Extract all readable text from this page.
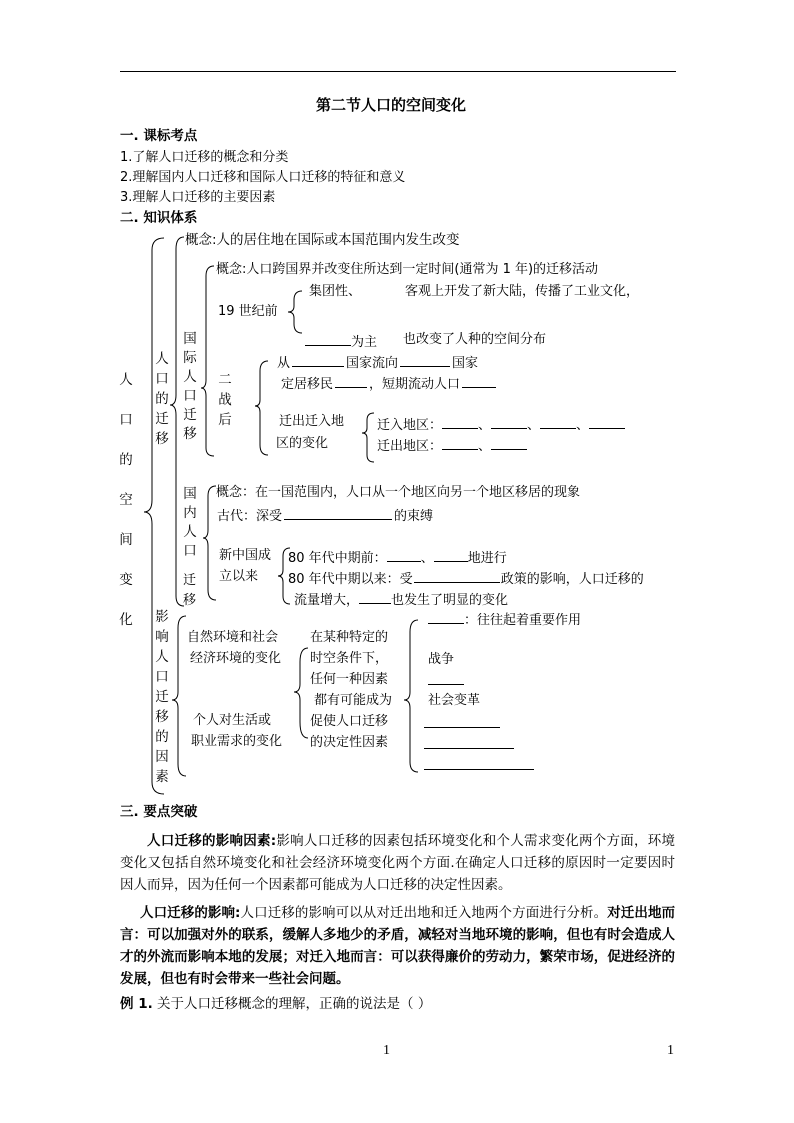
第二节人口的空间变化
一. 课标考点
1.了解人口迁移的概念和分类
2.理解国内人口迁移和国际人口迁移的特征和意义
3.理解人口迁移的主要因素
二. 知识体系
人
口
的
空
间
变
化
人
口
的
迁
移
国
际
人
口
迁
移
二
战
后
国
内
人
口
迁
移
影
响
人
口
迁
移
的
因
素
概念:人的居住地在国际或本国范围内发生改变
概念:人口跨国界并改变住所达到一定时间(通常为 1 年)的迁移活动
19 世纪前
集团性、	客观上开发了新大陆，传播了工业文化，
为主 也改变了人种的空间分布
从	国家流向	国家
定居移民	，短期流动人口
迁出迁入地
区的变化
迁入地区：	、	、	、
迁出地区：	、
概念：在一国范围内，人口从一个地区向另一个地区移居的现象
古代：深受	的束缚
新中国成
立以来
80 年代中期前：	、	地进行
80 年代中期以来：受	政策的影响，人口迁移的
流量增大， 也发生了明显的变化
自然环境和社会
经济环境的变化
个人对生活或
职业需求的变化
在某种特定的
时空条件下，
任何一种因素
都有可能成为
促使人口迁移
的决定性因素
：往往起着重要作用
战争
社会变革
三. 要点突破
人口迁移的影响因素:影响人口迁移的因素包括环境变化和个人需求变化两个方面，环境变化又包括自然环境变化和社会经济环境变化两个方面.在确定人口迁移的原因时一定要因时因人而异，因为任何一个因素都可能成为人口迁移的决定性因素。
人口迁移的影响:人口迁移的影响可以从对迁出地和迁入地两个方面进行分析。对迁出地而言：可以加强对外的联系，缓解人多地少的矛盾，减轻对当地环境的影响，但也有时会造成人才的外流而影响本地的发展；对迁入地而言：可以获得廉价的劳动力，繁荣市场，促进经济的发展，但也有时会带来一些社会问题。
例 1. 关于人口迁移概念的理解，正确的说法是（ ）
1	1
